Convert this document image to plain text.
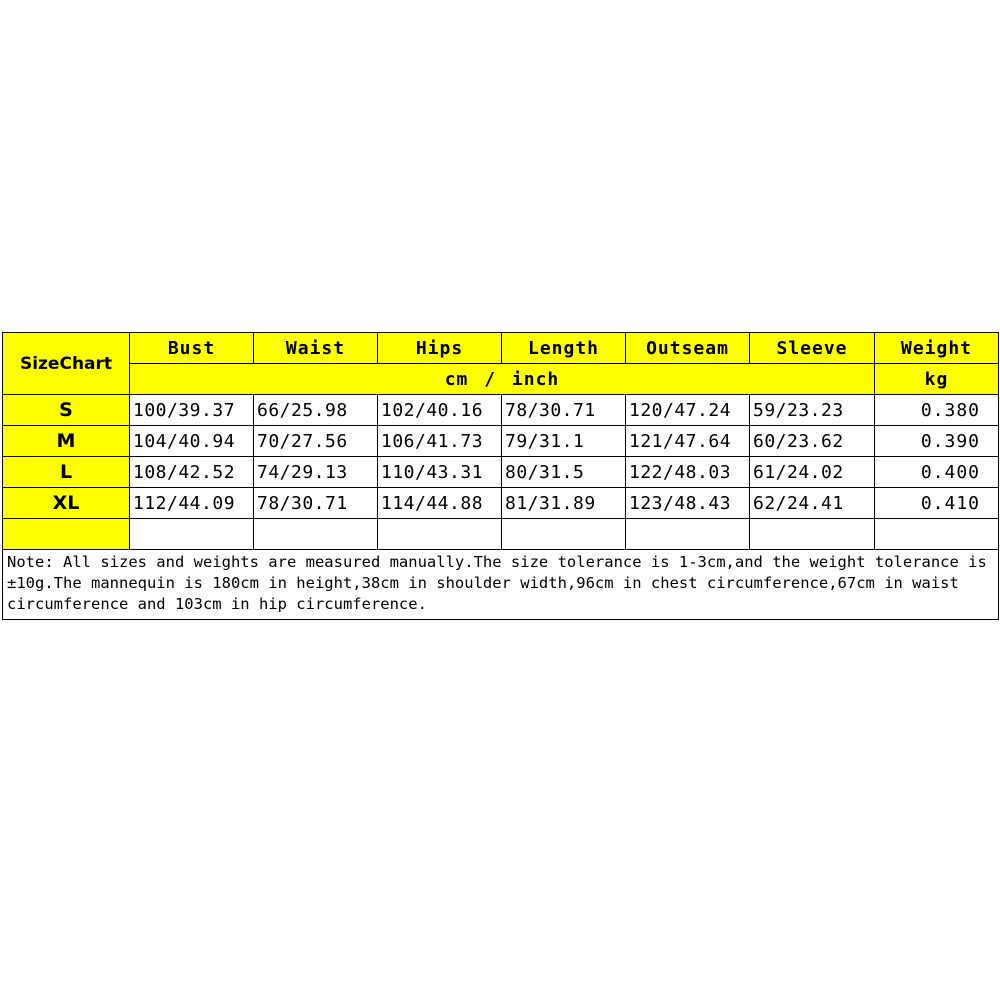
SizeChart	Bust	Waist	Hips	Length	Outseam	Sleeve	Weight
	cm / inch						kg
S	100/39.37	66/25.98	102/40.16	78/30.71	120/47.24	59/23.23	0.380
M	104/40.94	70/27.56	106/41.73	79/31.1	121/47.64	60/23.62	0.390
L	108/42.52	74/29.13	110/43.31	80/31.5	122/48.03	61/24.02	0.400
XL	112/44.09	78/30.71	114/44.88	81/31.89	123/48.43	62/24.41	0.410

Note: All sizes and weights are measured manually.The size tolerance is 1-3cm,and the weight tolerance is ±10g.The mannequin is 180cm in height,38cm in shoulder width,96cm in chest circumference,67cm in waist circumference and 103cm in hip circumference.							
